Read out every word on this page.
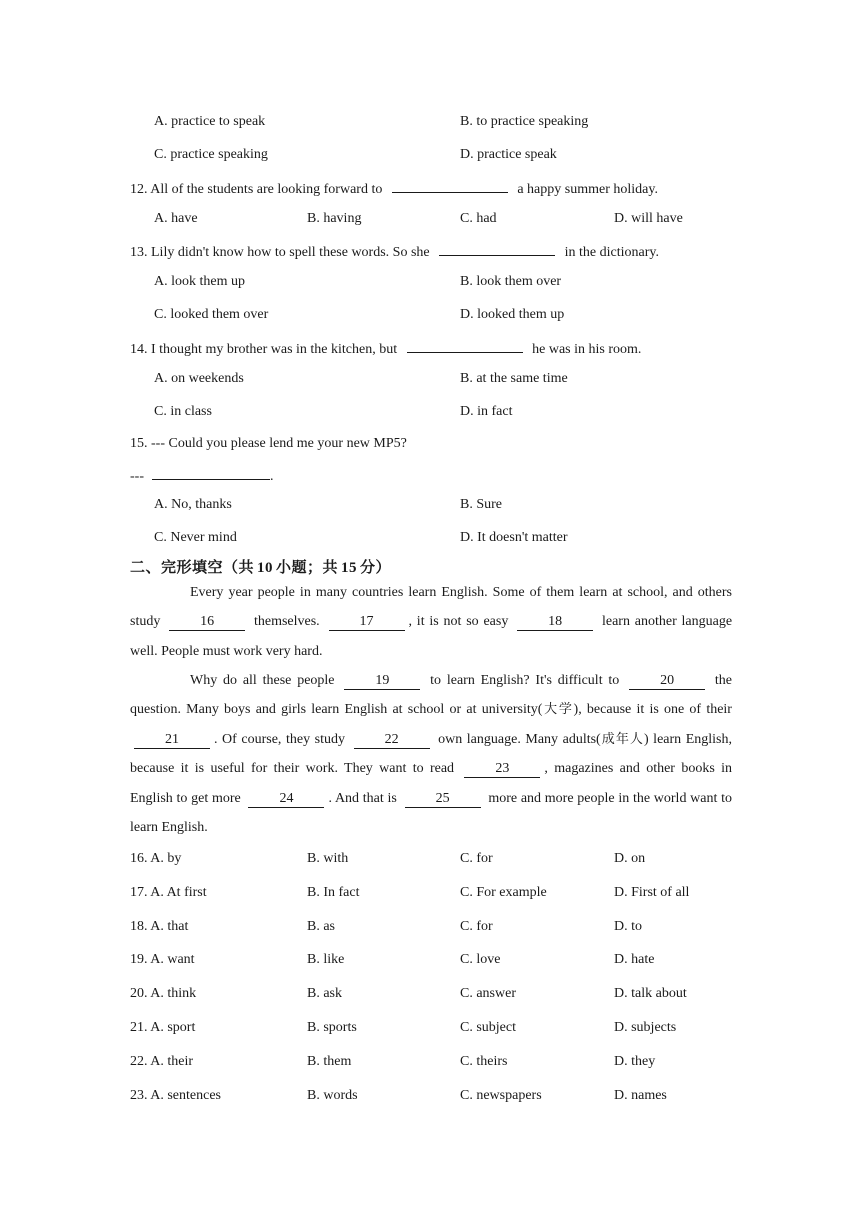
A. practice to speak	B. to practice speaking
C. practice speaking	D. practice speak
12. All of the students are looking forward to	a happy summer holiday.
A. have	B. having	C. had	D. will have
13. Lily didn't know how to spell these words. So she	in the dictionary.
A. look them up	B. look them over
C. looked them over	D. looked them up
14. I thought my brother was in the kitchen, but	he was in his room.
A. on weekends	B. at the same time
C. in class	D. in fact
15. --- Could you please lend me your new MP5?
---	.
A. No, thanks	B. Sure
C. Never mind	D. It doesn't matter
二、完形填空（共 10 小题；共 15 分）

Every year people in many countries learn English. Some of them learn at school, and others study	16	themselves.	17	, it is not so easy	18	learn another language well. People must work very hard.

Why do all these people	19	to learn English? It's difficult to	20	the question. Many boys and girls learn English at school or at university(大学), because it is one of their 21	. Of course, they study	22	own language. Many adults(成年人) learn English, because it is useful for their work. They want to read	23	, magazines and other books in English to get more	24	. And that is	25	more and more people in the world want to learn English.

16. A. by	B. with	C. for	D. on
17. A. At first	B. In fact	C. For example	D. First of all
18. A. that	B. as	C. for	D. to
19. A. want	B. like	C. love	D. hate
20. A. think	B. ask	C. answer	D. talk about
21. A. sport	B. sports	C. subject	D. subjects
22. A. their	B. them	C. theirs	D. they
23. A. sentences	B. words	C. newspapers	D. names
